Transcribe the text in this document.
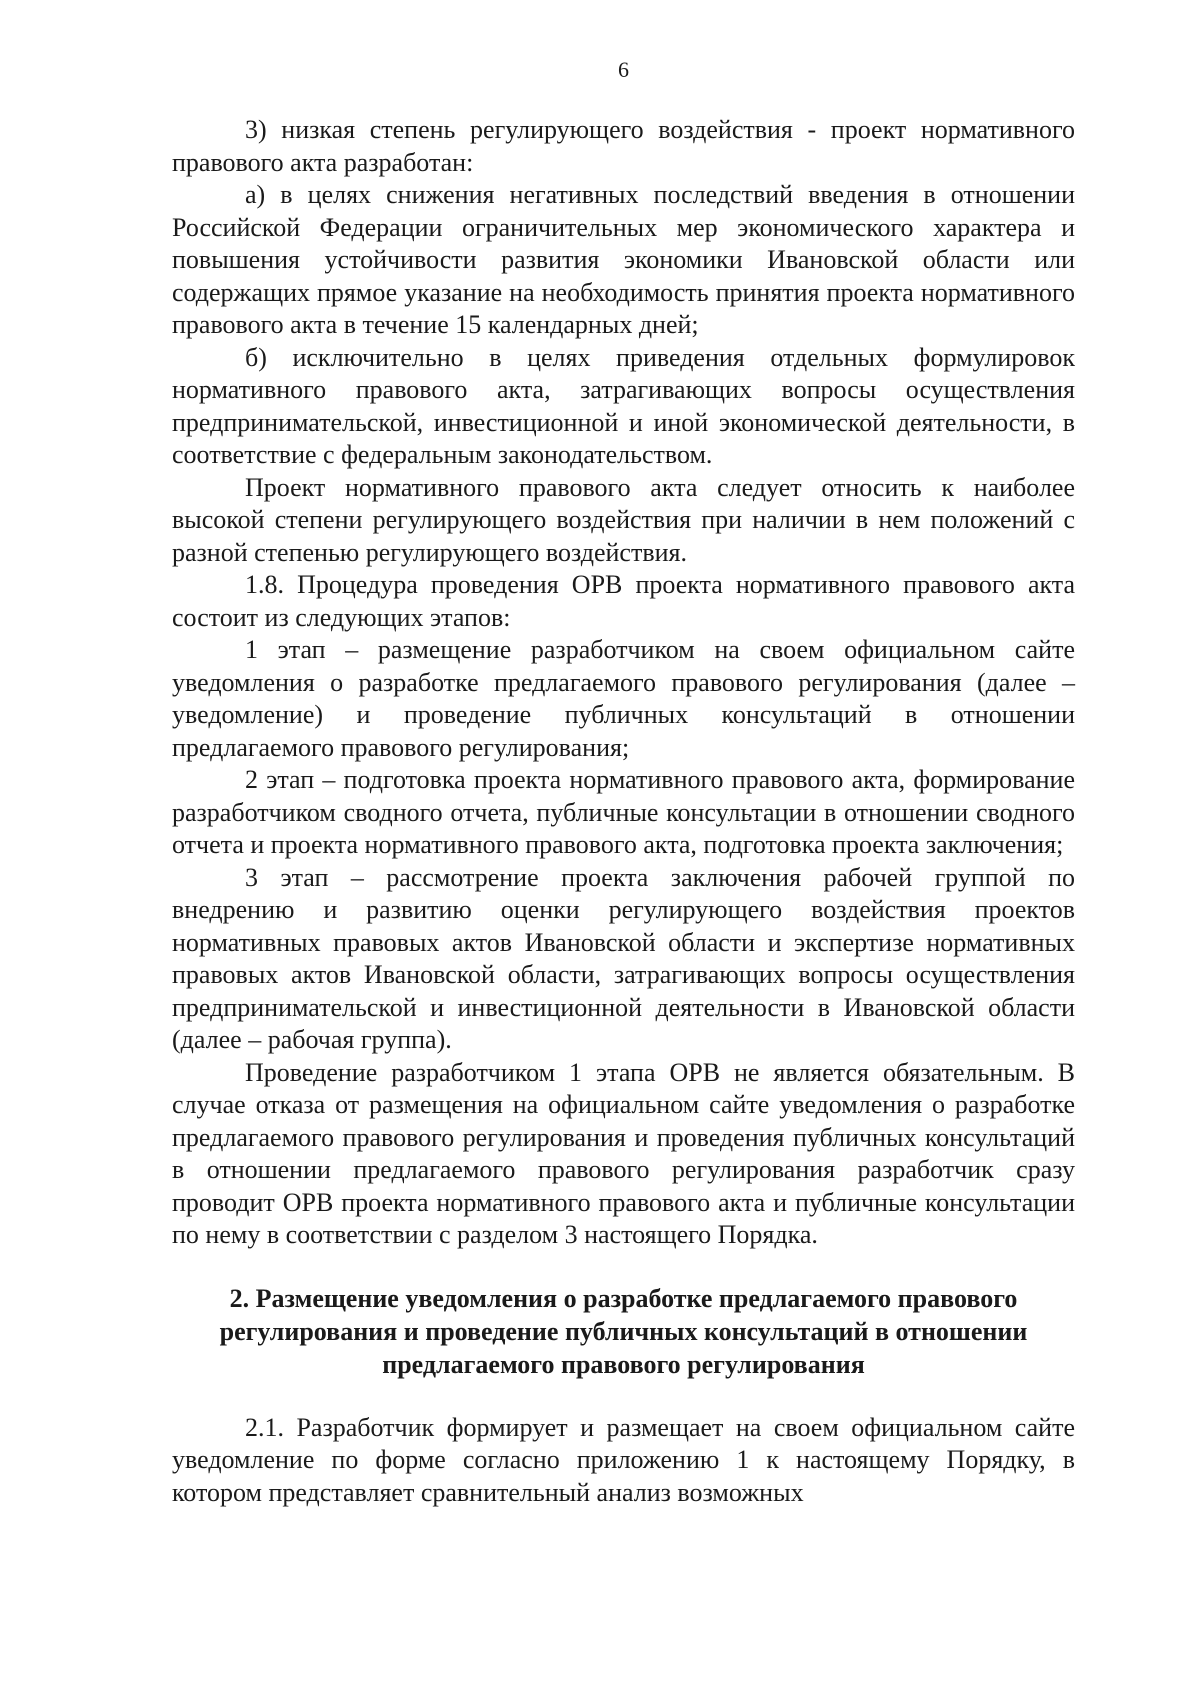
6

3) низкая степень регулирующего воздействия - проект нормативного правового акта разработан:

а) в целях снижения негативных последствий введения в отношении Российской Федерации ограничительных мер экономического характера и повышения устойчивости развития экономики Ивановской области или содержащих прямое указание на необходимость принятия проекта нормативного правового акта в течение 15 календарных дней;

б) исключительно в целях приведения отдельных формулировок нормативного правового акта, затрагивающих вопросы осуществления предпринимательской, инвестиционной и иной экономической деятельности, в соответствие с федеральным законодательством.

Проект нормативного правового акта следует относить к наиболее высокой степени регулирующего воздействия при наличии в нем положений с разной степенью регулирующего воздействия.

1.8. Процедура проведения ОРВ проекта нормативного правового акта состоит из следующих этапов:

1 этап – размещение разработчиком на своем официальном сайте уведомления о разработке предлагаемого правового регулирования (далее – уведомление) и проведение публичных консультаций в отношении предлагаемого правового регулирования;

2 этап – подготовка проекта нормативного правового акта, формирование разработчиком сводного отчета, публичные консультации в отношении сводного отчета и проекта нормативного правового акта, подготовка проекта заключения;

3 этап – рассмотрение проекта заключения рабочей группой по внедрению и развитию оценки регулирующего воздействия проектов нормативных правовых актов Ивановской области и экспертизе нормативных правовых актов Ивановской области, затрагивающих вопросы осуществления предпринимательской и инвестиционной деятельности в Ивановской области (далее – рабочая группа).

Проведение разработчиком 1 этапа ОРВ не является обязательным. В случае отказа от размещения на официальном сайте уведомления о разработке предлагаемого правового регулирования и проведения публичных консультаций в отношении предлагаемого правового регулирования разработчик сразу проводит ОРВ проекта нормативного правового акта и публичные консультации по нему в соответствии с разделом 3 настоящего Порядка.

2. Размещение уведомления о разработке предлагаемого правового регулирования и проведение публичных консультаций в отношении предлагаемого правового регулирования

2.1. Разработчик формирует и размещает на своем официальном сайте уведомление по форме согласно приложению 1 к настоящему Порядку, в котором представляет сравнительный анализ возможных
